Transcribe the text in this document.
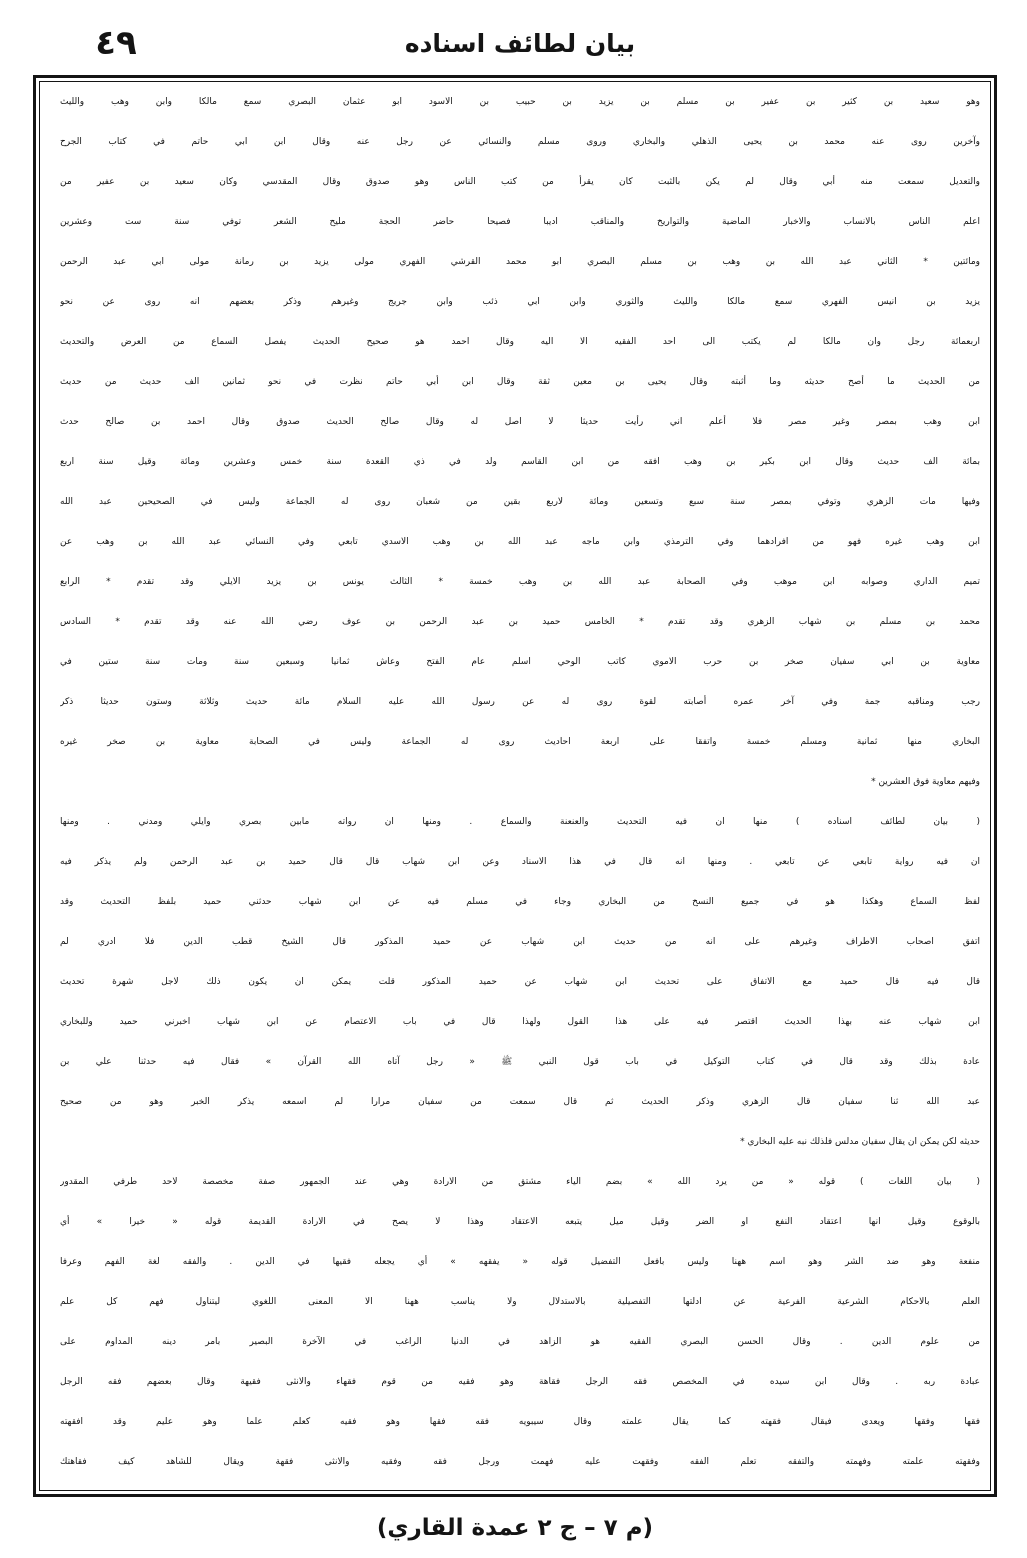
٤٩	بيان لطائف اسناده
وهو سعيد بن كثير بن عفير بن مسلم بن يزيد بن حبيب بن الاسود ابو عثمان البصري سمع مالكا وابن وهب والليث
وآخرين روى عنه محمد بن يحيى الذهلي والبخاري وروى مسلم والنسائي عن رجل عنه وقال ابن ابي حاتم في كتاب الجرح
والتعديل سمعت منه أبي وقال لم يكن بالثبت كان يقرأ من كتب الناس وهو صدوق وقال المقدسي وكان سعيد بن عفير من
اعلم الناس بالانساب والاخبار الماضية والتواريخ والمناقب اديبا فصيحا حاضر الحجة مليح الشعر توفي سنة ست وعشرين
ومائتين * الثاني عبد الله بن وهب بن مسلم البصري ابو محمد القرشي الفهري مولى يزيد بن رمانة مولى ابي عبد الرحمن
يزيد بن انيس الفهري سمع مالكا والليث والثوري وابن ابي ذئب وابن جريج وغيرهم وذكر بعضهم انه روى عن نحو
اربعمائة رجل وان مالكا لم يكتب الى احد الفقيه الا اليه وقال احمد هو صحيح الحديث يفصل السماع من العرض والتحديث
من الحديث ما أصح حديثه وما أثبته وقال يحيى بن معين ثقة وقال ابن أبي حاتم نظرت في نحو ثمانين الف حديث من حديث
ابن وهب بمصر وغير مصر فلا أعلم اني رأيت حديثا لا اصل له وقال صالح الحديث صدوق وقال احمد بن صالح حدث
بمائة الف حديث وقال ابن بكير بن وهب افقه من ابن القاسم ولد في ذي القعدة سنة خمس وعشرين ومائة وقيل سنة اربع
وفيها مات الزهري وتوفي بمصر سنة سبع وتسعين ومائة لاربع بقين من شعبان روى له الجماعة وليس في الصحيحين عبد الله
ابن وهب غيره فهو من افرادهما وفي الترمذي وابن ماجه عبد الله بن وهب الاسدي تابعي وفي النسائي عبد الله بن وهب عن
تميم الداري وصوابه ابن موهب وفي الصحابة عبد الله بن وهب خمسة * الثالث يونس بن يزيد الايلي وقد تقدم * الرابع
محمد بن مسلم بن شهاب الزهري وقد تقدم * الخامس حميد بن عبد الرحمن بن عوف رضي الله عنه وقد تقدم * السادس
معاوية بن ابي سفيان صخر بن حرب الاموي كاتب الوحي اسلم عام الفتح وعاش ثمانيا وسبعين سنة ومات سنة ستين في
رجب ومناقبه جمة وفي آخر عمره أصابته لقوة روى له عن رسول الله عليه السلام مائة حديث وثلاثة وستون حديثا ذكر
البخاري منها ثمانية ومسلم خمسة واتفقا على اربعة احاديث روى له الجماعة وليس في الصحابة معاوية بن صخر غيره
وفيهم معاوية فوق العشرين *
( بيان لطائف اسناده ) منها ان فيه التحديث والعنعنة والسماع . ومنها ان رواته مابين بصري وايلي ومدني . ومنها
ان فيه رواية تابعي عن تابعي . ومنها انه قال في هذا الاسناد وعن ابن شهاب قال قال حميد بن عبد الرحمن ولم يذكر فيه
لفظ السماع وهكذا هو في جميع النسخ من البخاري وجاء في مسلم فيه عن ابن شهاب حدثني حميد بلفظ التحديث وقد
اتفق اصحاب الاطراف وغيرهم على انه من حديث ابن شهاب عن حميد المذكور قال الشيخ قطب الدين فلا ادري لم
قال فيه قال حميد مع الاتفاق على تحديث ابن شهاب عن حميد المذكور قلت يمكن ان يكون ذلك لاجل شهرة تحديث
ابن شهاب عنه بهذا الحديث اقتصر فيه على هذا القول ولهذا قال في باب الاعتصام عن ابن شهاب اخبرني حميد وللبخاري
عادة بذلك وقد قال في كتاب التوكيل في باب قول النبي ﷺ « رجل آتاه الله القرآن » فقال فيه حدثنا علي بن
عبد الله ثنا سفيان قال الزهري وذكر الحديث ثم قال سمعت من سفيان مرارا لم اسمعه يذكر الخبر وهو من صحيح
حديثه لكن يمكن ان يقال سفيان مدلس فلذلك نبه عليه البخاري *
( بيان اللغات ) قوله « من يرد الله » بضم الياء مشتق من الارادة وهي عند الجمهور صفة مخصصة لاحد طرفي المقدور
بالوقوع وقيل انها اعتقاد النفع او الضر وقيل ميل يتبعه الاعتقاد وهذا لا يصح في الارادة القديمة قوله « خيرا » أي
منفعة وهو ضد الشر وهو اسم ههنا وليس بافعل التفضيل قوله « يفقهه » أي يجعله فقيها في الدين . والفقه لغة الفهم وعرفا
العلم بالاحكام الشرعية الفرعية عن ادلتها التفصيلية بالاستدلال ولا يناسب ههنا الا المعنى اللغوي ليتناول فهم كل علم
من علوم الدين . وقال الحسن البصري الفقيه هو الزاهد في الدنيا الراغب في الآخرة البصير بامر دينه المداوم على
عبادة ربه . وقال ابن سيده في المخصص فقه الرجل فقاهة وهو فقيه من قوم فقهاء والانثى فقيهة وقال بعضهم فقه الرجل
فقها وفقها ويعدى فيقال فقهته كما يقال علمته وقال سيبويه فقه فقها وهو فقيه كعلم علما وهو عليم وقد افقهته
وفقهته علمته وفهمته والتفقه تعلم الفقه وفقهت عليه فهمت ورجل فقه وفقيه والانثى فقهة ويقال للشاهد كيف فقاهتك
(م ٧ – ج ٢ عمدة القاري)
